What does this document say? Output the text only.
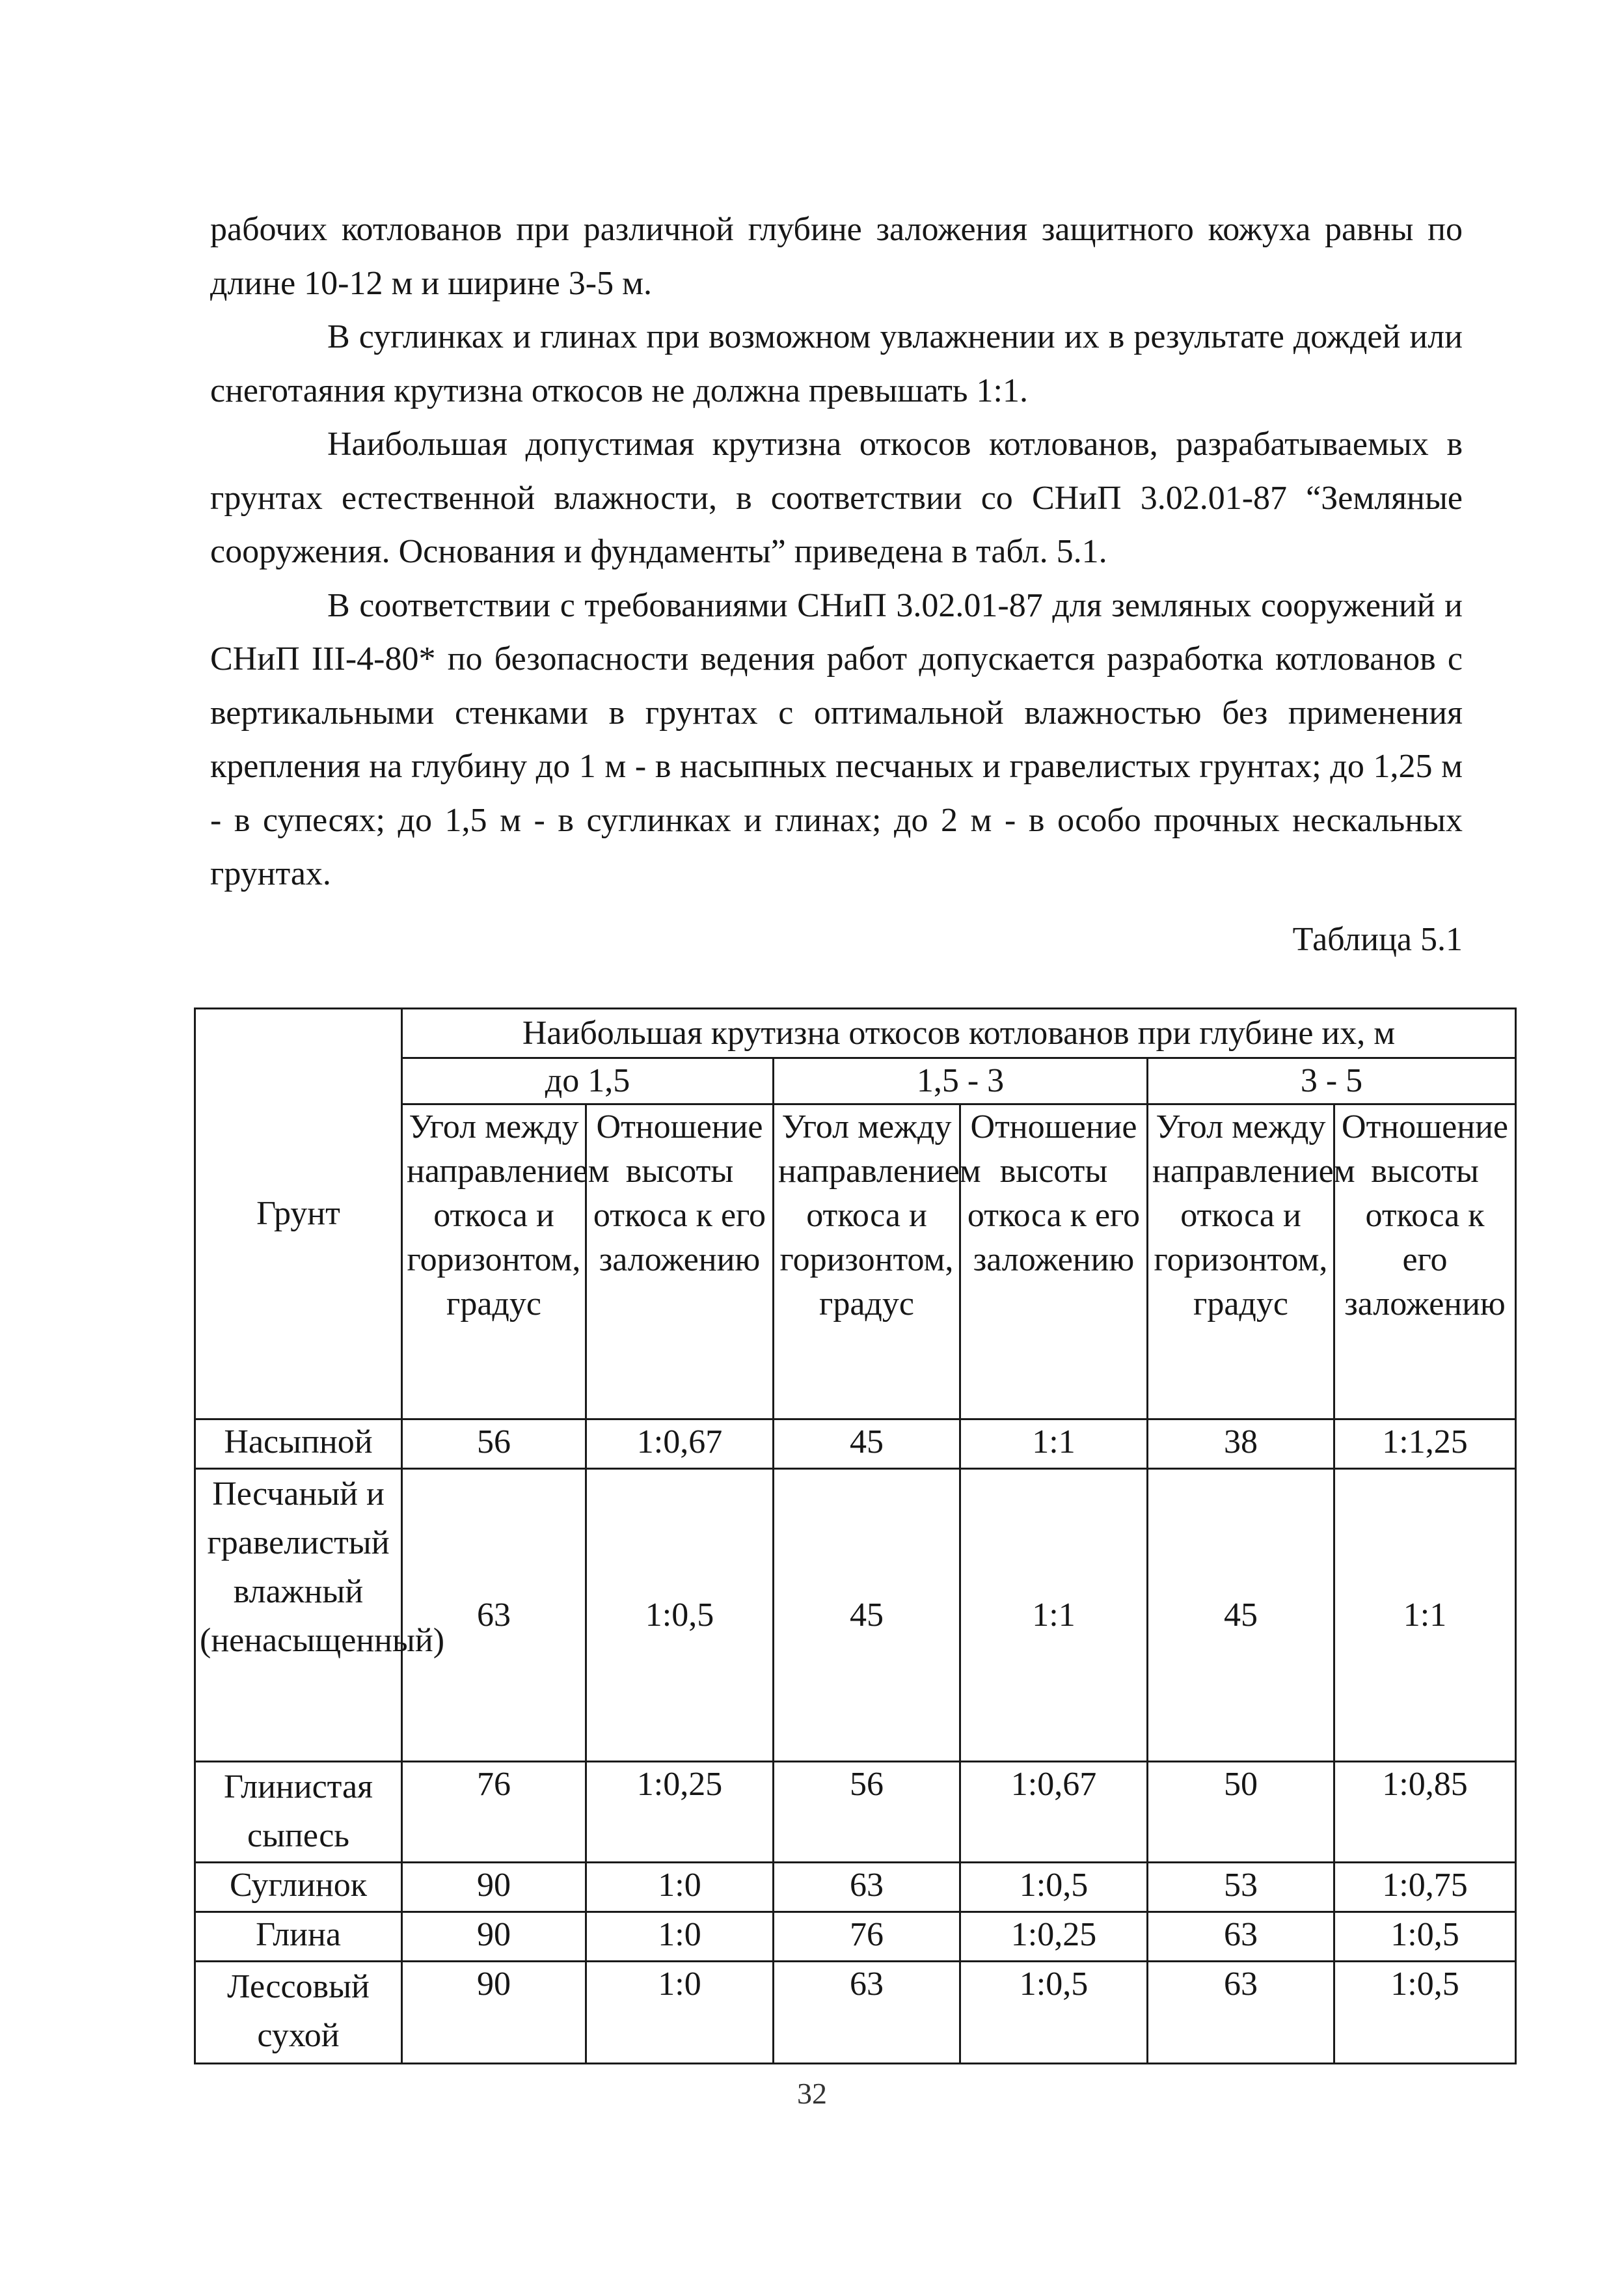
рабочих котлованов при различной глубине заложения защитного кожуха равны по длине 10-12 м и ширине 3-5 м.

В суглинках и глинах при возможном увлажнении их в результате дождей или снеготаяния крутизна откосов не должна превышать 1:1.

Наибольшая допустимая крутизна откосов котлованов, разрабатываемых в грунтах естественной влажности, в соответствии со СНиП 3.02.01-87 “Земляные сооружения. Основания и фундаменты” приведена в табл. 5.1.

В соответствии с требованиями СНиП 3.02.01-87 для земляных сооружений и СНиП III-4-80* по безопасности ведения работ допускается разработка котлованов с вертикальными стенками в грунтах с оптимальной влажностью без применения крепления на глубину до 1 м - в насыпных песчаных и гравелистых грунтах; до 1,25 м - в супесях; до 1,5 м - в суглинках и глинах; до 2 м - в особо прочных нескальных грунтах.

Таблица 5.1
Грунт	Наибольшая крутизна откосов котлованов при глубине их, м					
	до 1,5		1,5 - 3		3 - 5	
	Угол между направлением откоса и горизонтом, градус	Отношение высоты откоса к его заложению	Угол между направлением откоса и горизонтом, градус	Отношение высоты откоса к его заложению	Угол между направлением откоса и горизонтом, градус	Отношение высоты откоса к его заложению
Насыпной	56	1:0,67	45	1:1	38	1:1,25
Песчаный и гравелистый влажный (ненасыщенный)	63	1:0,5	45	1:1	45	1:1
Глинистая сыпесь	76	1:0,25	56	1:0,67	50	1:0,85
Суглинок	90	1:0	63	1:0,5	53	1:0,75
Глина	90	1:0	76	1:0,25	63	1:0,5
Лессовый сухой	90	1:0	63	1:0,5	63	1:0,5
32
